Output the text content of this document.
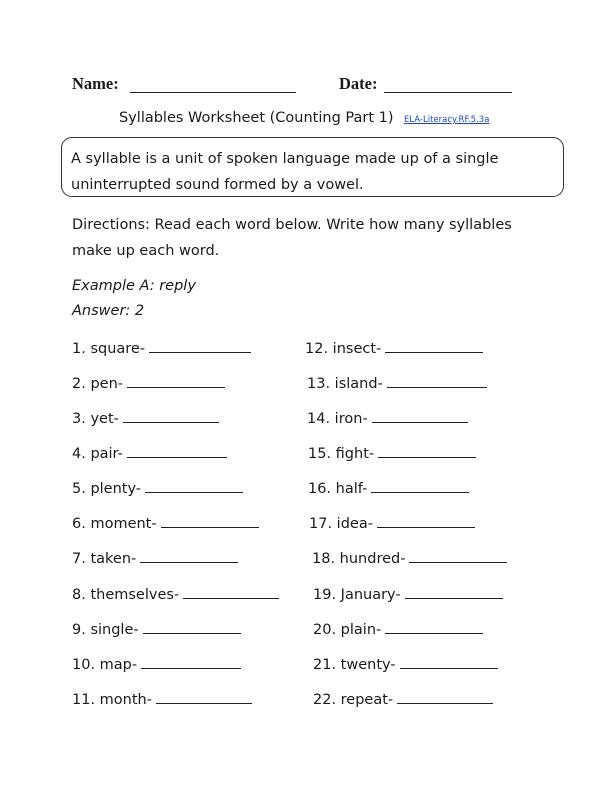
Name:	Date:
Syllables Worksheet (Counting Part 1) ELA-Literacy.RF.5.3a
A syllable is a unit of spoken language made up of a single
uninterrupted sound formed by a vowel.
Directions: Read each word below. Write how many syllables
make up each word.
Example A: reply
Answer: 2
1. square-
2. pen-
3. yet-
4. pair-
5. plenty-
6. moment-
7. taken-
8. themselves-
9. single-
10. map-
11. month-
12. insect-
13. island-
14. iron-
15. fight-
16. half-
17. idea-
18. hundred-
19. January-
20. plain-
21. twenty-
22. repeat-
